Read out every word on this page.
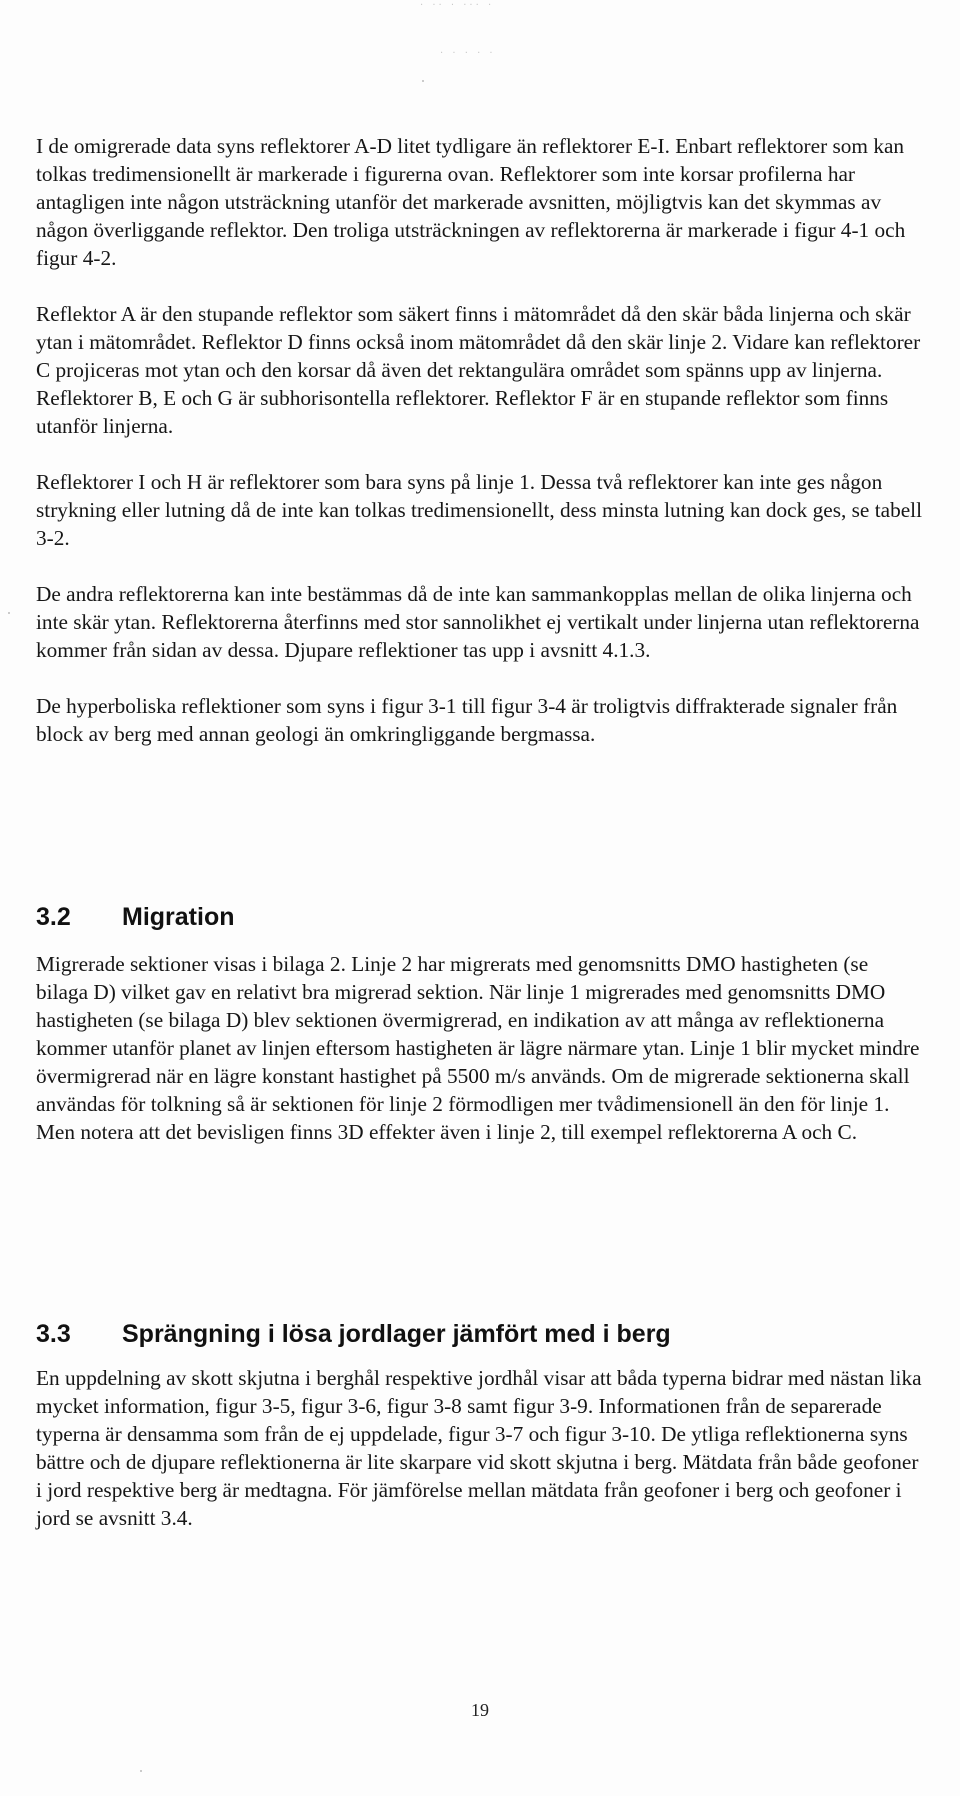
· ·· · ··· ·
· · · · ·

I de omigrerade data syns reflektorer A-D litet tydligare än reflektorer E-I. Enbart reflektorer som kan tolkas tredimensionellt är markerade i figurerna ovan. Reflektorer som inte korsar profilerna har antagligen inte någon utsträckning utanför det markerade avsnitten, möjligtvis kan det skymmas av någon överliggande reflektor. Den troliga utsträckningen av reflektorerna är markerade i figur 4-1 och figur 4-2.

Reflektor A är den stupande reflektor som säkert finns i mätområdet då den skär båda linjerna och skär ytan i mätområdet. Reflektor D finns också inom mätområdet då den skär linje 2. Vidare kan reflektorer C projiceras mot ytan och den korsar då även det rektangulära området som spänns upp av linjerna. Reflektorer B, E och G är subhorisontella reflektorer. Reflektor F är en stupande reflektor som finns utanför linjerna.

Reflektorer I och H är reflektorer som bara syns på linje 1. Dessa två reflektorer kan inte ges någon strykning eller lutning då de inte kan tolkas tredimensionellt, dess minsta lutning kan dock ges, se tabell 3-2.

De andra reflektorerna kan inte bestämmas då de inte kan sammankopplas mellan de olika linjerna och inte skär ytan. Reflektorerna återfinns med stor sannolikhet ej vertikalt under linjerna utan reflektorerna kommer från sidan av dessa. Djupare reflektioner tas upp i avsnitt 4.1.3.

De hyperboliska reflektioner som syns i figur 3-1 till figur 3-4 är troligtvis diffrakterade signaler från block av berg med annan geologi än omkringliggande bergmassa.

3.2 Migration

Migrerade sektioner visas i bilaga 2. Linje 2 har migrerats med genomsnitts DMO hastigheten (se bilaga D) vilket gav en relativt bra migrerad sektion. När linje 1 migrerades med genomsnitts DMO hastigheten (se bilaga D) blev sektionen övermigrerad, en indikation av att många av reflektionerna kommer utanför planet av linjen eftersom hastigheten är lägre närmare ytan. Linje 1 blir mycket mindre övermigrerad när en lägre konstant hastighet på 5500 m/s används. Om de migrerade sektionerna skall användas för tolkning så är sektionen för linje 2 förmodligen mer tvådimensionell än den för linje 1. Men notera att det bevisligen finns 3D effekter även i linje 2, till exempel reflektorerna A och C.

3.3 Sprängning i lösa jordlager jämfört med i berg

En uppdelning av skott skjutna i berghål respektive jordhål visar att båda typerna bidrar med nästan lika mycket information, figur 3-5, figur 3-6, figur 3-8 samt figur 3-9. Informationen från de separerade typerna är densamma som från de ej uppdelade, figur 3-7 och figur 3-10. De ytliga reflektionerna syns bättre och de djupare reflektionerna är lite skarpare vid skott skjutna i berg. Mätdata från både geofoner i jord respektive berg är medtagna. För jämförelse mellan mätdata från geofoner i berg och geofoner i jord se avsnitt 3.4.

19
